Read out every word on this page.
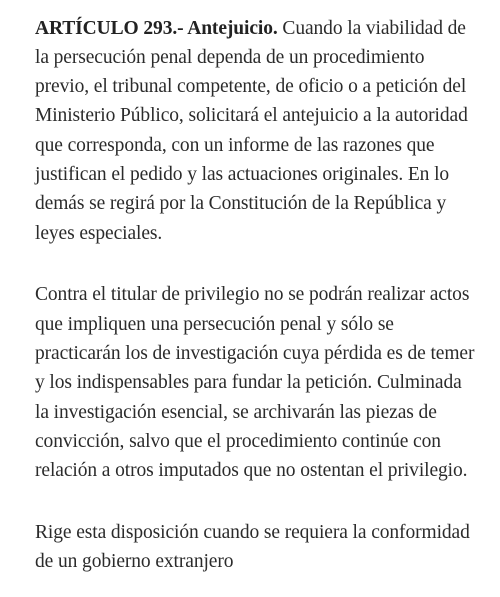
ARTÍCULO 293.- Antejuicio. Cuando la viabilidad de
la persecución penal dependa de un procedimiento
previo, el tribunal competente, de oficio o a petición del
Ministerio Público, solicitará el antejuicio a la autoridad
que corresponda, con un informe de las razones que
justifican el pedido y las actuaciones originales. En lo
demás se regirá por la Constitución de la República y
leyes especiales.
Contra el titular de privilegio no se podrán realizar actos
que impliquen una persecución penal y sólo se
practicarán los de investigación cuya pérdida es de temer
y los indispensables para fundar la petición. Culminada
la investigación esencial, se archivarán las piezas de
convicción, salvo que el procedimiento continúe con
relación a otros imputados que no ostentan el privilegio.
Rige esta disposición cuando se requiera la conformidad
de un gobierno extranjero
